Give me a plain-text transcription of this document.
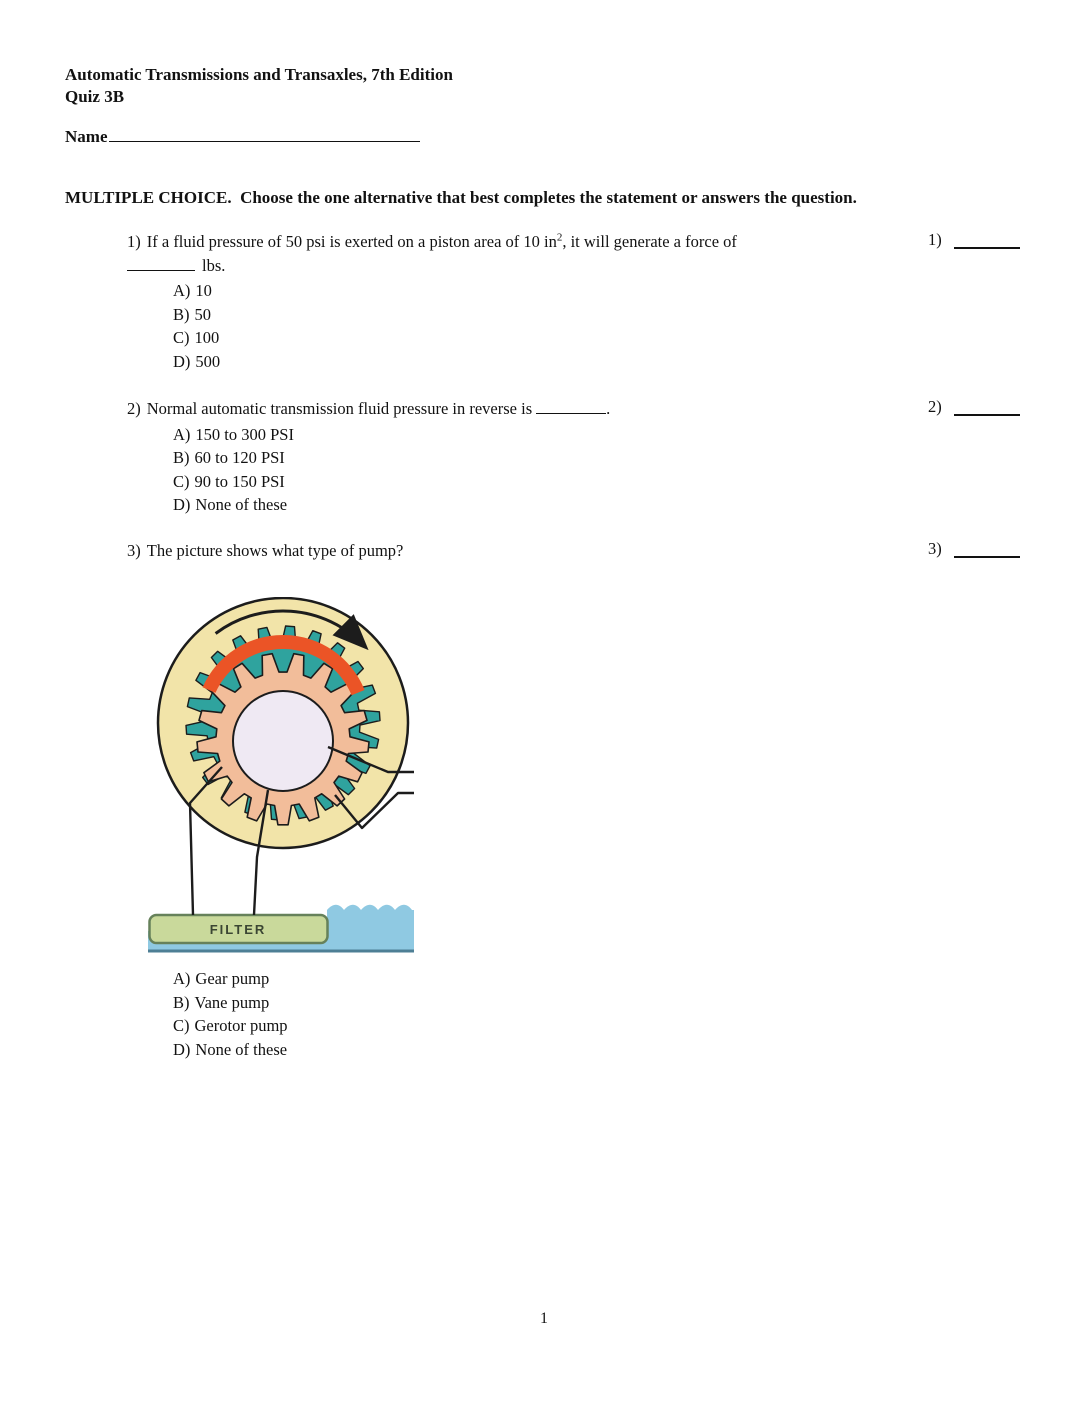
Automatic Transmissions and Transaxles, 7th Edition
Quiz 3B
Name
MULTIPLE CHOICE.  Choose the one alternative that best completes the statement or answers the question.
1) If a fluid pressure of 50 psi is exerted on a piston area of 10 $in^2$, it will generate a force of
lbs.
A) 10
B) 50
C) 100
D) 500
1)
2) Normal automatic transmission fluid pressure in reverse is	.
A) 150 to 300 PSI
B) 60 to 120 PSI
C) 90 to 150 PSI
D) None of these
2)
3) The picture shows what type of pump?	3)
FILTER
A) Gear pump
B) Vane pump
C) Gerotor pump
D) None of these
1
